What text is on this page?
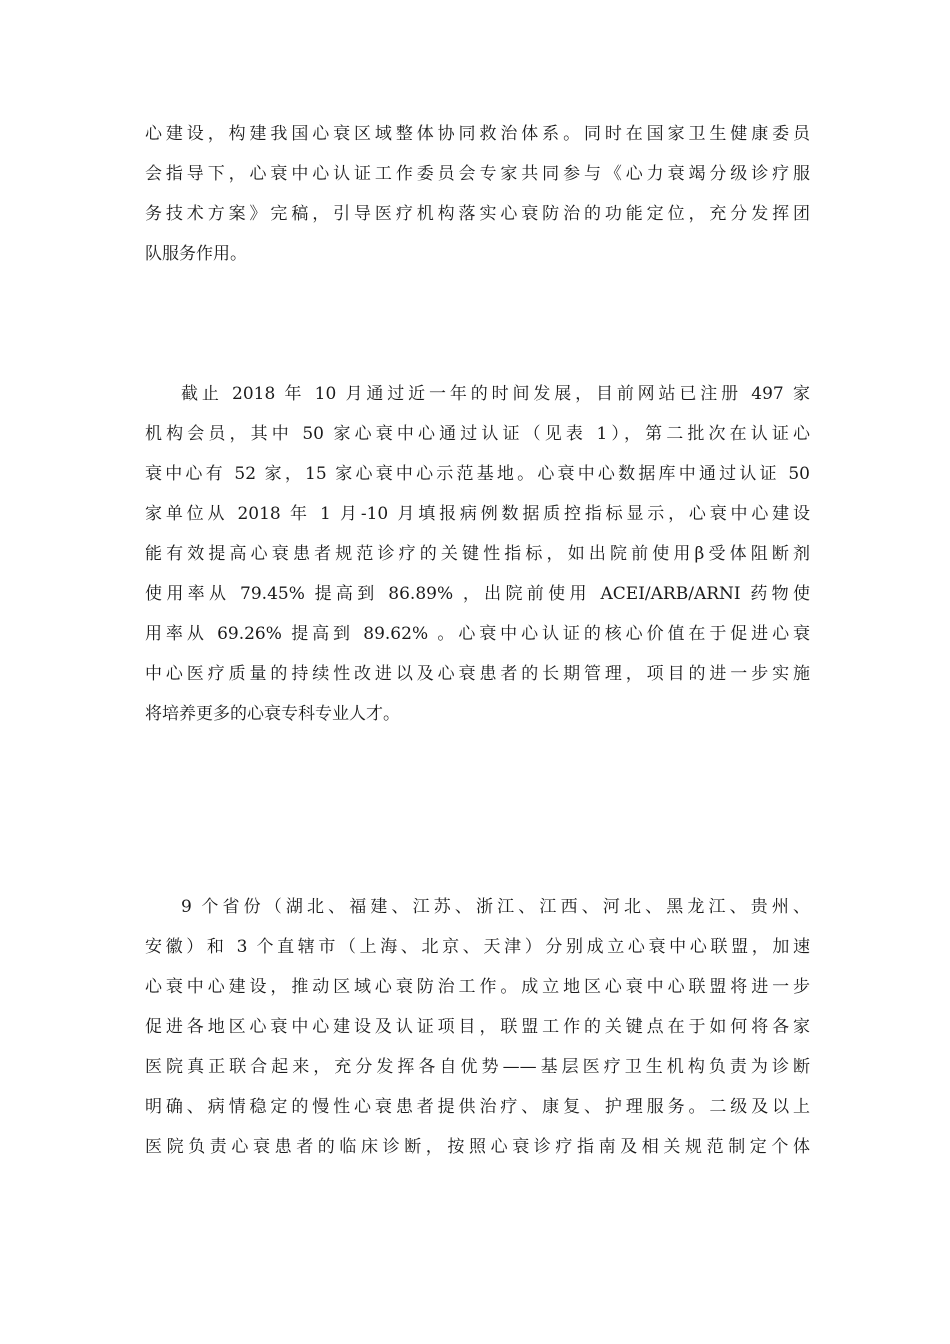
心建设，构建我国心衰区域整体协同救治体系。同时在国家卫生健康委员
会指导下，心衰中心认证工作委员会专家共同参与《心力衰竭分级诊疗服
务技术方案》完稿，引导医疗机构落实心衰防治的功能定位，充分发挥团
队服务作用。
截止 2018 年 10 月通过近一年的时间发展，目前网站已注册 497 家
机构会员，其中 50 家心衰中心通过认证（见表 1），第二批次在认证心
衰中心有 52 家，15 家心衰中心示范基地。心衰中心数据库中通过认证 50
家单位从 2018 年 1 月-10 月填报病例数据质控指标显示，心衰中心建设
能有效提高心衰患者规范诊疗的关键性指标，如出院前使用β受体阻断剂
使用率从 79.45% 提高到 86.89% ，出院前使用 ACEI/ARB/ARNI 药物使
用率从 69.26% 提高到 89.62% 。心衰中心认证的核心价值在于促进心衰
中心医疗质量的持续性改进以及心衰患者的长期管理，项目的进一步实施
将培养更多的心衰专科专业人才。
9 个省份（湖北、福建、江苏、浙江、江西、河北、黑龙江、贵州、
安徽）和 3 个直辖市（上海、北京、天津）分别成立心衰中心联盟，加速
心衰中心建设，推动区域心衰防治工作。成立地区心衰中心联盟将进一步
促进各地区心衰中心建设及认证项目，联盟工作的关键点在于如何将各家
医院真正联合起来，充分发挥各自优势——基层医疗卫生机构负责为诊断
明确、病情稳定的慢性心衰患者提供治疗、康复、护理服务。二级及以上
医院负责心衰患者的临床诊断，按照心衰诊疗指南及相关规范制定个体
